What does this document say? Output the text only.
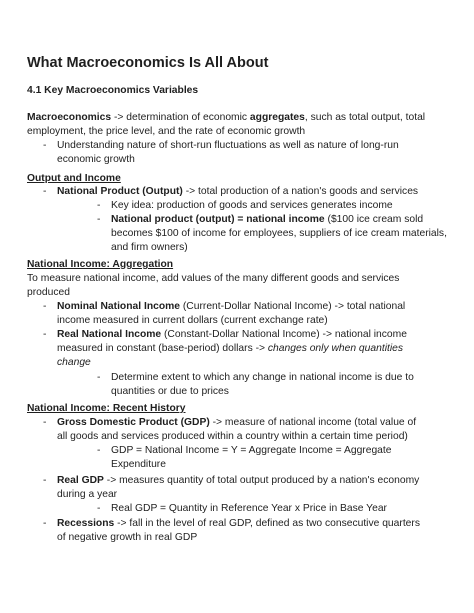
What Macroeconomics Is All About
4.1 Key Macroeconomics Variables
Macroeconomics -> determination of economic aggregates, such as total output, total
employment, the price level, and the rate of economic growth
- Understanding nature of short-run fluctuations as well as nature of long-run
economic growth
Output and Income
- National Product (Output) -> total production of a nation's goods and services
- Key idea: production of goods and services generates income
- National product (output) = national income ($100 ice cream sold
becomes $100 of income for employees, suppliers of ice cream materials,
and firm owners)
National Income: Aggregation
To measure national income, add values of the many different goods and services
produced
- Nominal National Income (Current-Dollar National Income) -> total national
income measured in current dollars (current exchange rate)
- Real National Income (Constant-Dollar National Income) -> national income
measured in constant (base-period) dollars -> changes only when quantities
change
- Determine extent to which any change in national income is due to
quantities or due to prices
National Income: Recent History
- Gross Domestic Product (GDP) -> measure of national income (total value of
all goods and services produced within a country within a certain time period)
- GDP = National Income = Y = Aggregate Income = Aggregate
Expenditure
- Real GDP -> measures quantity of total output produced by a nation's economy
during a year
- Real GDP = Quantity in Reference Year x Price in Base Year
- Recessions -> fall in the level of real GDP, defined as two consecutive quarters
of negative growth in real GDP
